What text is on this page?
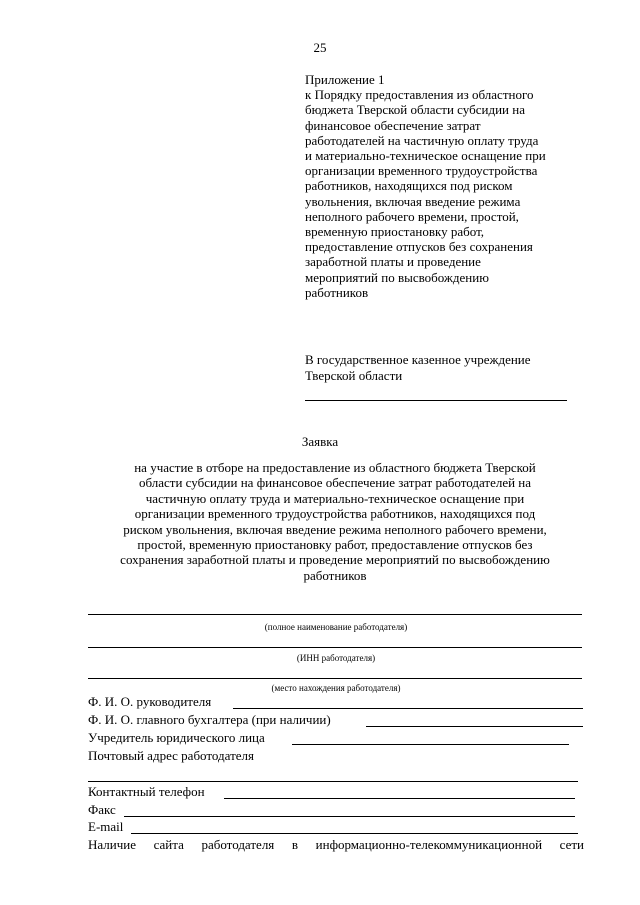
25
Приложение 1
к Порядку предоставления из областного
бюджета Тверской области субсидии на
финансовое обеспечение затрат
работодателей на частичную оплату труда
и материально-техническое оснащение при
организации временного трудоустройства
работников, находящихся под риском
увольнения, включая введение режима
неполного рабочего времени, простой,
временную приостановку работ,
предоставление отпусков без сохранения
заработной платы и проведение
мероприятий по высвобождению
работников
В государственное казенное учреждение
Тверской области
Заявка
на участие в отборе на предоставление из областного бюджета Тверской
области субсидии на финансовое обеспечение затрат работодателей на
частичную оплату труда и материально-техническое оснащение при
организации временного трудоустройства работников, находящихся под
риском увольнения, включая введение режима неполного рабочего времени,
простой, временную приостановку работ, предоставление отпусков без
сохранения заработной платы и проведение мероприятий по высвобождению
работников
(полное наименование работодателя)
(ИНН работодателя)
(место нахождения работодателя)
Ф. И. О. руководителя
Ф. И. О. главного бухгалтера (при наличии)
Учредитель юридического лица
Почтовый адрес работодателя
Контактный телефон
Факс
E-mail
Наличие сайта работодателя в информационно-телекоммуникационной сети
